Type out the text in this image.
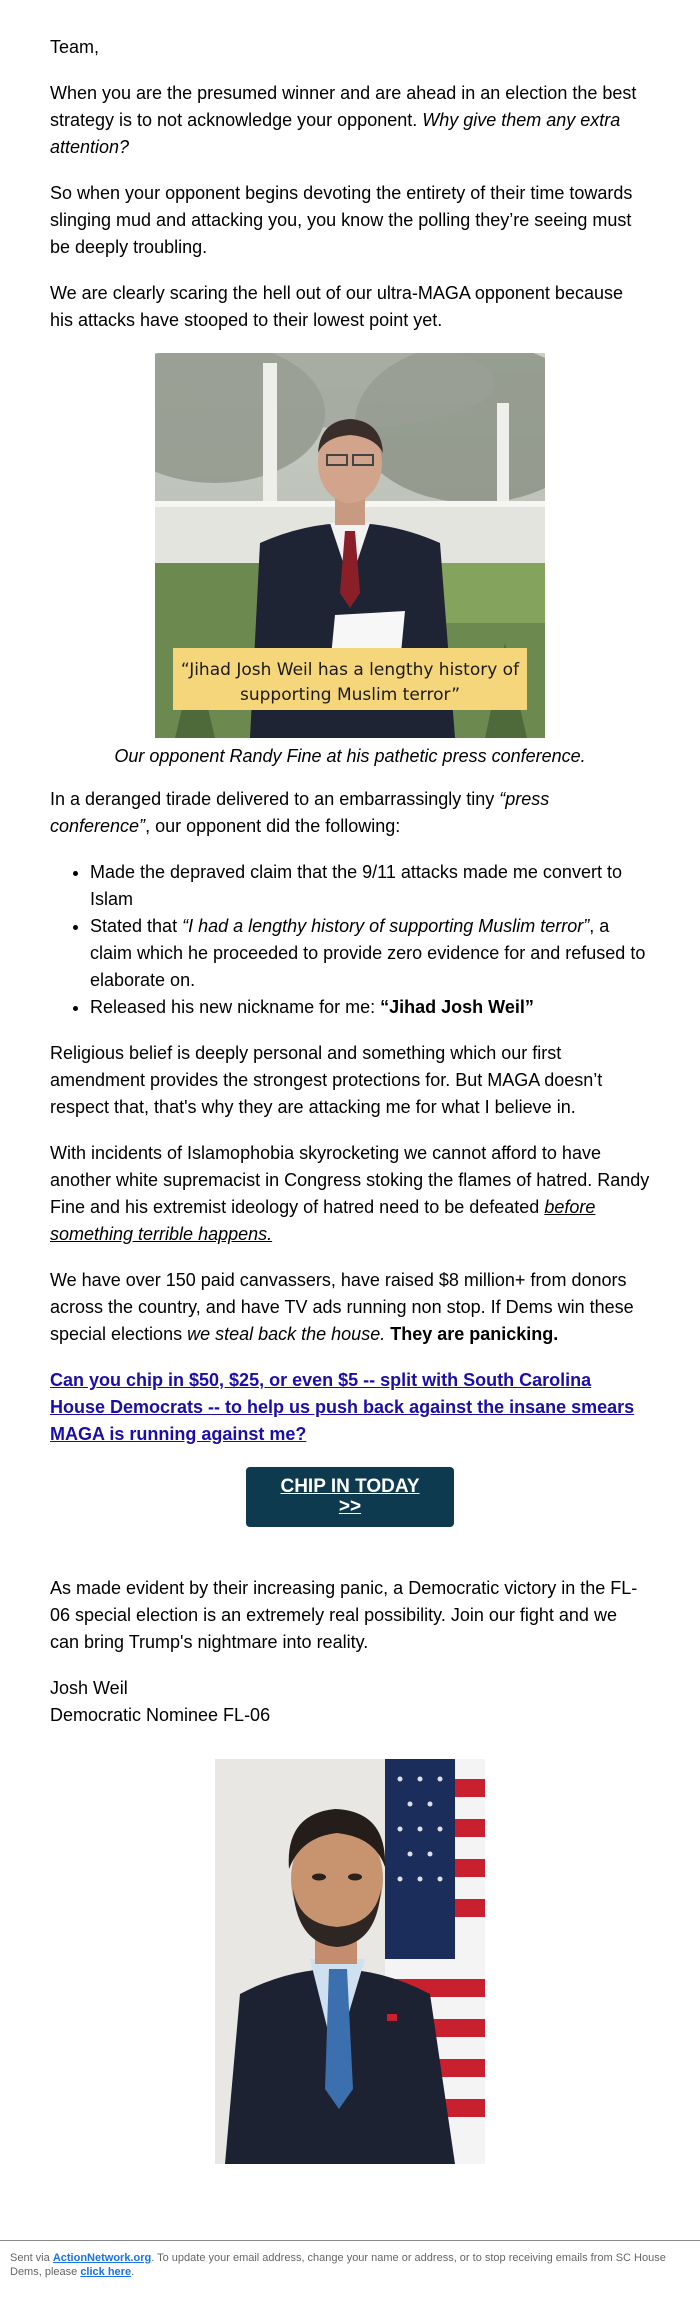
Team,

When you are the presumed winner and are ahead in an election the best strategy is to not acknowledge your opponent. Why give them any extra attention?

So when your opponent begins devoting the entirety of their time towards slinging mud and attacking you, you know the polling they’re seeing must be deeply troubling.

We are clearly scaring the hell out of our ultra-MAGA opponent because his attacks have stooped to their lowest point yet.

“Jihad Josh Weil has a lengthy history of
supporting Muslim terror”

Our opponent Randy Fine at his pathetic press conference.

In a deranged tirade delivered to an embarrassingly tiny “press conference”, our opponent did the following:

• Made the depraved claim that the 9/11 attacks made me convert to Islam
• Stated that “I had a lengthy history of supporting Muslim terror”, a claim which he proceeded to provide zero evidence for and refused to elaborate on.
• Released his new nickname for me: “Jihad Josh Weil”

Religious belief is deeply personal and something which our first amendment provides the strongest protections for. But MAGA doesn’t respect that, that's why they are attacking me for what I believe in.

With incidents of Islamophobia skyrocketing we cannot afford to have another white supremacist in Congress stoking the flames of hatred. Randy Fine and his extremist ideology of hatred need to be defeated before something terrible happens.

We have over 150 paid canvassers, have raised $8 million+ from donors across the country, and have TV ads running non stop. If Dems win these special elections we steal back the house. They are panicking.

Can you chip in $50, $25, or even $5 -- split with South Carolina House Democrats -- to help us push back against the insane smears MAGA is running against me?

CHIP IN TODAY
>>

As made evident by their increasing panic, a Democratic victory in the FL-06 special election is an extremely real possibility. Join our fight and we can bring Trump's nightmare into reality.

Josh Weil

Democratic Nominee FL-06

Sent via ActionNetwork.org. To update your email address, change your name or address, or to stop receiving emails from SC House Dems, please click here.
